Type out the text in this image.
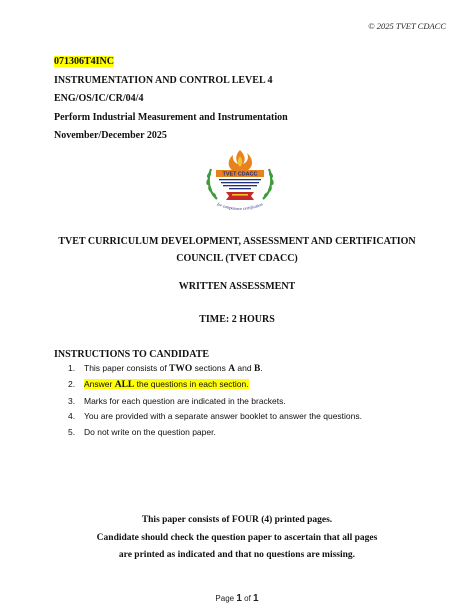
© 2025 TVET CDACC
071306T4INC
INSTRUMENTATION AND CONTROL LEVEL 4
ENG/OS/IC/CR/04/4
Perform Industrial Measurement and Instrumentation
November/December 2025
TVET CDACC
for competence certification
TVET CURRICULUM DEVELOPMENT, ASSESSMENT AND CERTIFICATION
COUNCIL (TVET CDACC)
WRITTEN ASSESSMENT
TIME: 2 HOURS
INSTRUCTIONS TO CANDIDATE
1. This paper consists of TWO sections A and B.
2. Answer ALL the questions in each section.
3. Marks for each question are indicated in the brackets.
4. You are provided with a separate answer booklet to answer the questions.
5. Do not write on the question paper.
This paper consists of FOUR (4) printed pages.
Candidate should check the question paper to ascertain that all pages
are printed as indicated and that no questions are missing.
Page 1 of 1
